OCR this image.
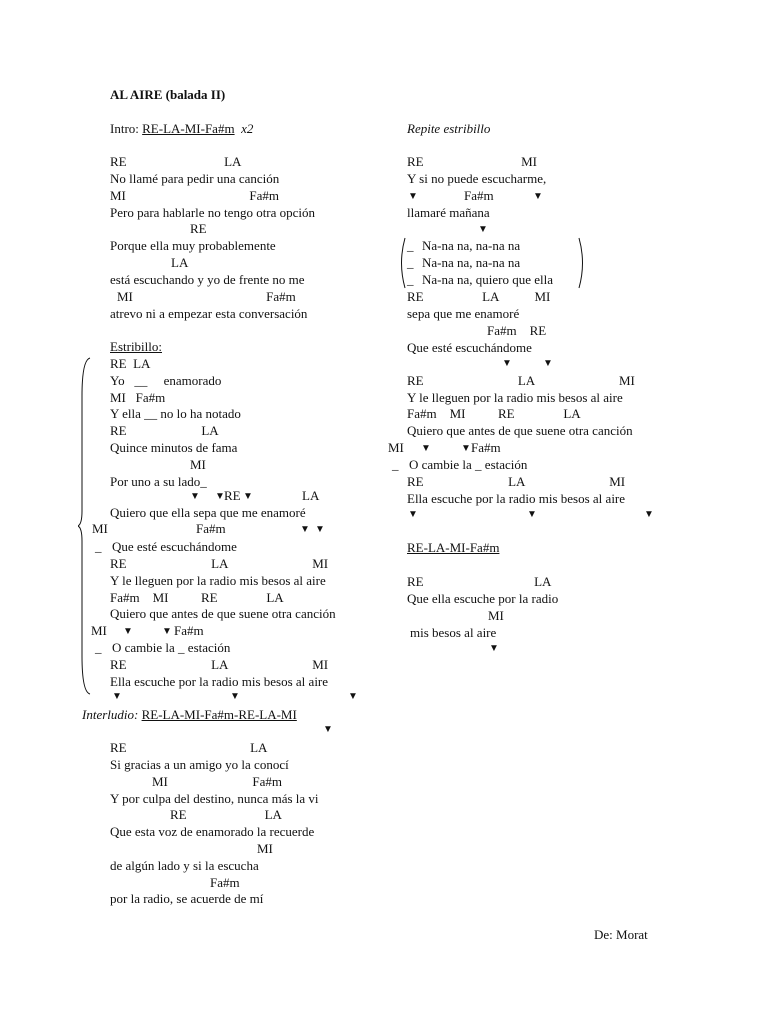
AL AIRE (balada II)
Intro: RE-LA-MI-Fa#m x2
RE                              LA
No llamé para pedir una canción
MI                                      Fa#m
Pero para hablarle no tengo otra opción
RE
Porque ella muy probablemente
LA
está escuchando y yo de frente no me
MI                                         Fa#m
atrevo ni a empezar esta conversación
Estribillo:
RE  LA
Yo   __     enamorado
MI   Fa#m
Y ella __ no lo ha notado
RE                       LA
Quince minutos de fama
MI
Por uno a su lado_
▼ ▼ RE ▼	LA
Quiero que ella sepa que me enamoré
MI	Fa#m	▼ ▼
_ Que esté escuchándome
RE                          LA                          MI
Y le lleguen por la radio mis besos al aire
Fa#m    MI          RE               LA
Quiero que antes de que suene otra canción
MI ▼	▼ Fa#m
_ O cambie la _ estación
RE                          LA                          MI
Ella escuche por la radio mis besos al aire
▼	▼	▼
Interludio: RE-LA-MI-Fa#m-RE-LA-MI
▼
RE                                      LA
Si gracias a un amigo yo la conocí
MI                          Fa#m
Y por culpa del destino, nunca más la vi
RE                        LA
Que esta voz de enamorado la recuerde
MI
de algún lado y si la escucha
Fa#m
por la radio, se acuerde de mí
Repite estribillo
RE                              MI
Y si no puede escucharme,
▼	Fa#m	▼
llamaré mañana
▼
_ Na-na na, na-na na
_ Na-na na, na-na na
_ Na-na na, quiero que ella
RE                  LA           MI
sepa que me enamoré
Fa#m    RE
Que esté escuchándome
▼	▼
RE                             LA                          MI
Y le lleguen por la radio mis besos al aire
Fa#m    MI          RE               LA
Quiero que antes de que suene otra canción
MI ▼	▼ Fa#m
_ O cambie la _ estación
RE                          LA                          MI
Ella escuche por la radio mis besos al aire
▼	▼	▼
RE-LA-MI-Fa#m
RE                                  LA
Que ella escuche por la radio
MI
mis besos al aire
▼
De: Morat
